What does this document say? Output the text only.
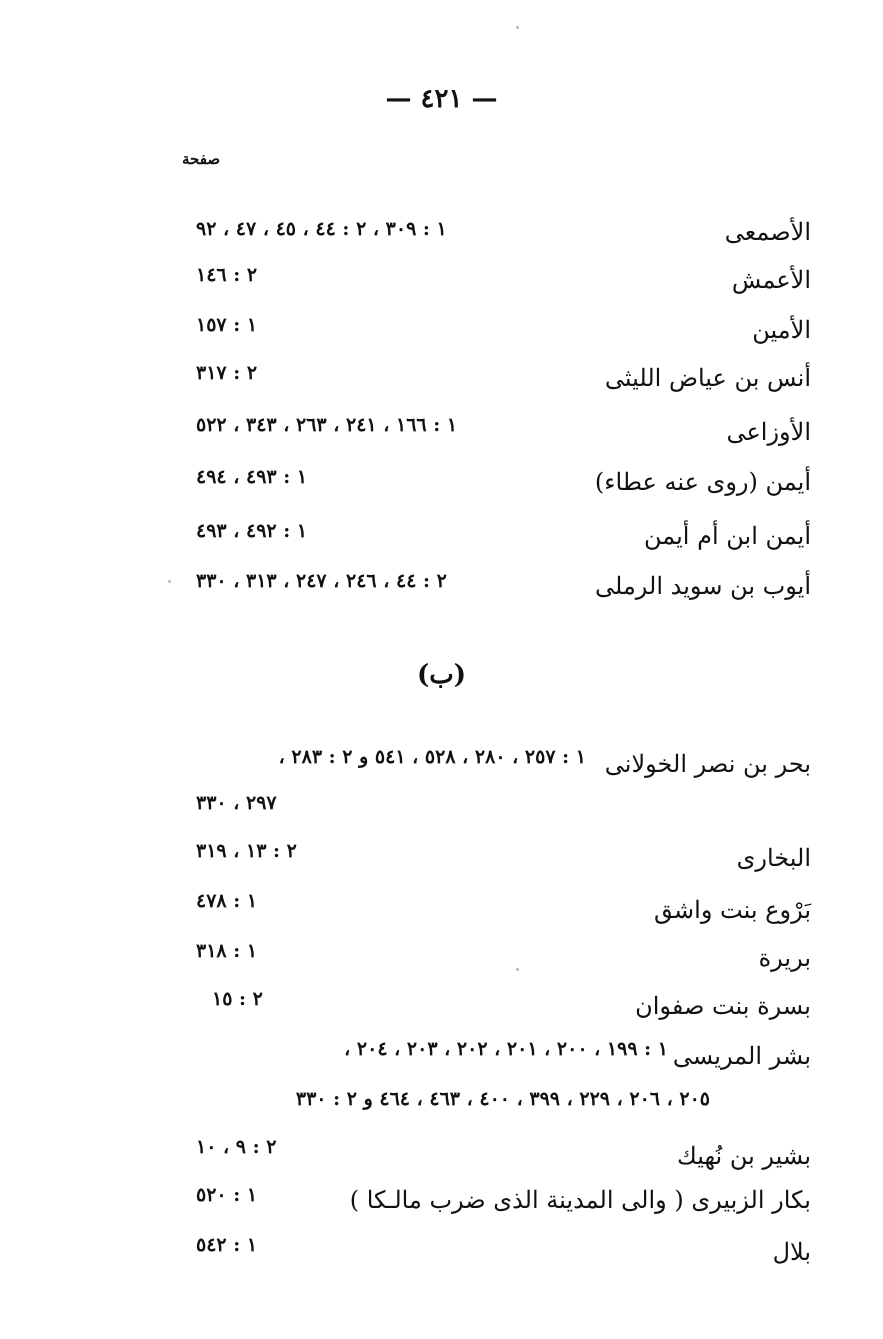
— ٤٢١ —
صفحة
الأصمعى
١ : ٣٠٩ ، ٢ : ٤٤ ، ٤٥ ، ٤٧ ، ٩٢
الأعمش
٢ : ١٤٦
الأمين
١ : ١٥٧
أنس بن عياض الليثى
٢ : ٣١٧
الأوزاعى
١ : ١٦٦ ، ٢٤١ ، ٢٦٣ ، ٣٤٣ ، ٥٢٢
أيمن (روى عنه عطاء)
١ : ٤٩٣ ، ٤٩٤
أيمن ابن أم أيمن
١ : ٤٩٢ ، ٤٩٣
أيوب بن سويد الرملى
٢ : ٤٤ ، ٢٤٦ ، ٢٤٧ ، ٣١٣ ، ٣٣٠
(ب)
بحر بن نصر الخولانى
١ : ٢٥٧ ، ٢٨٠ ، ٥٢٨ ، ٥٤١ و ٢ : ٢٨٣ ،
٢٩٧ ، ٣٣٠
البخارى
٢ : ١٣ ، ٣١٩
بَرْوع بنت واشق
١ : ٤٧٨
بريرة
١ : ٣١٨
بسرة بنت صفوان
٢ : ١٥
بشر المريسى
١ : ١٩٩ ، ٢٠٠ ، ٢٠١ ، ٢٠٢ ، ٢٠٣ ، ٢٠٤ ،
٢٠٥ ، ٢٠٦ ، ٢٢٩ ، ٣٩٩ ، ٤٠٠ ، ٤٦٣ ، ٤٦٤ و ٢ : ٣٣٠
بشير بن نُهيك
٢ : ٩ ، ١٠
بكار الزبيرى ( والى المدينة الذى ضرب مالـكا )
١ : ٥٢٠
بلال
١ : ٥٤٢
